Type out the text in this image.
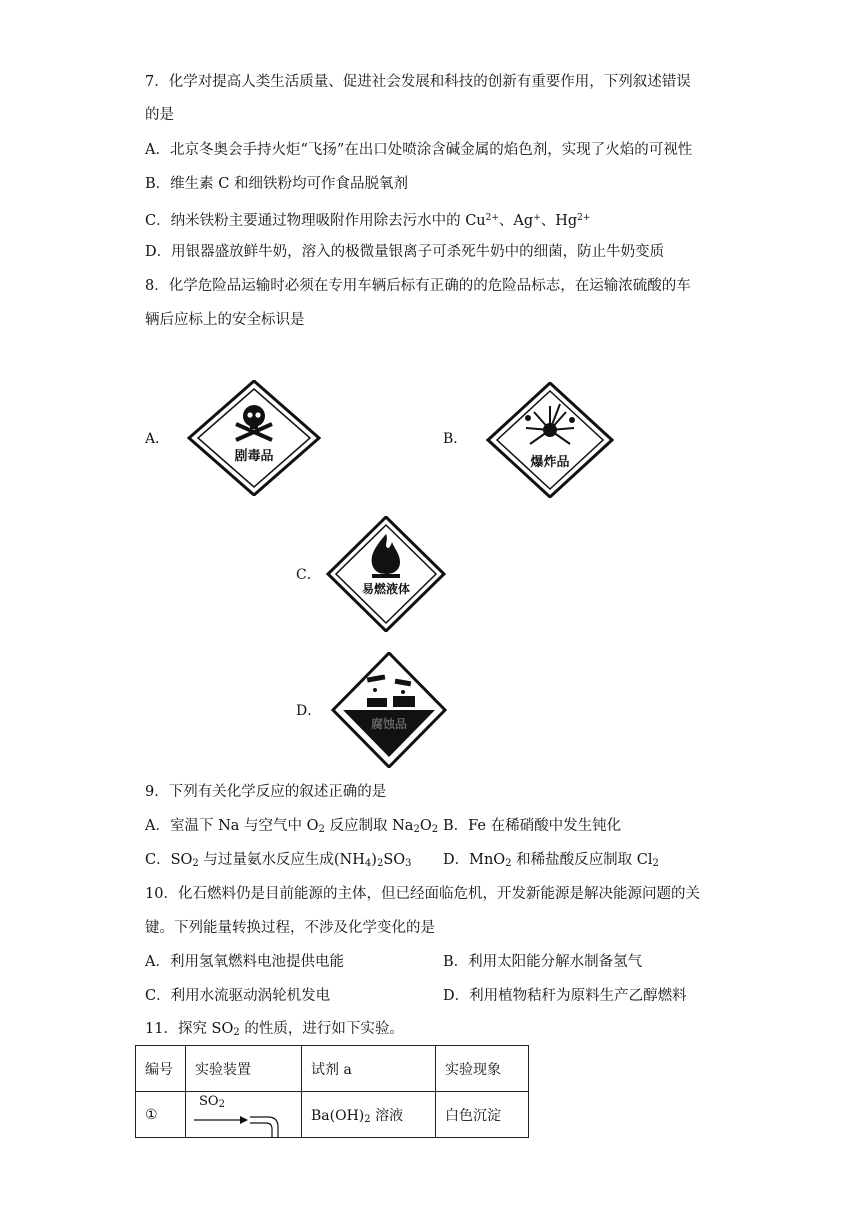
7．化学对提高人类生活质量、促进社会发展和科技的创新有重要作用，下列叙述错误
的是
A．北京冬奥会手持火炬“飞扬”在出口处喷涂含碱金属的焰色剂，实现了火焰的可视性
B．维生素 C 和细铁粉均可作食品脱氧剂
C．纳米铁粉主要通过物理吸附作用除去污水中的 $Cu^{2+}$、Ag+、$Hg^{2+}$
D．用银器盛放鲜牛奶，溶入的极微量银离子可杀死牛奶中的细菌，防止牛奶变质
8．化学危险品运输时必须在专用车辆后标有正确的的危险品标志，在运输浓硫酸的车
辆后应标上的安全标识是
A．
剧毒品
B．
爆炸品
C．
易燃液体
D．
腐蚀品
9．下列有关化学反应的叙述正确的是
A．室温下 Na 与空气中 $O_2$ 反应制取 $Na_2O_2$ B．Fe 在稀硝酸中发生钝化
C．$SO_2$ 与过量氨水反应生成$(NH_4)_2SO_3$ D．MnO$_2$ 和稀盐酸反应制取 $Cl_2$
10．化石燃料仍是目前能源的主体，但已经面临危机，开发新能源是解决能源问题的关
键。下列能量转换过程，不涉及化学变化的是
A．利用氢氧燃料电池提供电能	B．利用太阳能分解水制备氢气
C．利用水流驱动涡轮机发电	D．利用植物秸秆为原料生产乙醇燃料
11．探究 $SO_2$ 的性质，进行如下实验。
编号	实验装置	试剂 a	实验现象
①	$SO_2$	$Ba(OH)_2$ 溶液	白色沉淀
